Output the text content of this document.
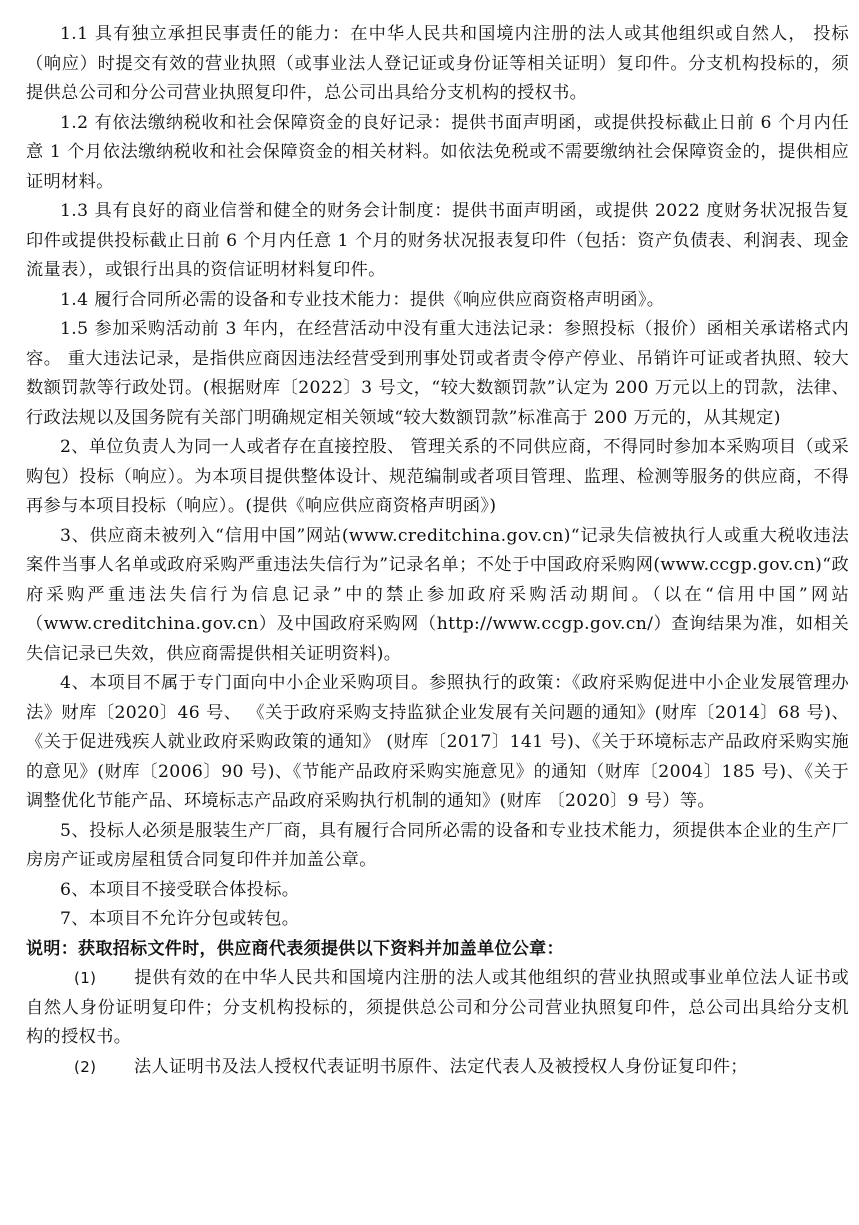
1.1 具有独立承担民事责任的能力：在中华人民共和国境内注册的法人或其他组织或自然人， 投标（响应）时提交有效的营业执照（或事业法人登记证或身份证等相关证明）复印件。分支机构投标的，须提供总公司和分公司营业执照复印件，总公司出具给分支机构的授权书。

1.2 有依法缴纳税收和社会保障资金的良好记录：提供书面声明函，或提供投标截止日前 6 个月内任意 1 个月依法缴纳税收和社会保障资金的相关材料。如依法免税或不需要缴纳社会保障资金的，提供相应证明材料。

1.3 具有良好的商业信誉和健全的财务会计制度：提供书面声明函，或提供 2022 度财务状况报告复印件或提供投标截止日前 6 个月内任意 1 个月的财务状况报表复印件（包括：资产负债表、利润表、现金流量表），或银行出具的资信证明材料复印件。

1.4 履行合同所必需的设备和专业技术能力：提供《响应供应商资格声明函》。

1.5 参加采购活动前 3 年内，在经营活动中没有重大违法记录：参照投标（报价）函相关承诺格式内容。 重大违法记录，是指供应商因违法经营受到刑事处罚或者责令停产停业、吊销许可证或者执照、较大数额罚款等行政处罚。(根据财库〔2022〕3 号文，“较大数额罚款”认定为 200 万元以上的罚款，法律、行政法规以及国务院有关部门明确规定相关领域“较大数额罚款”标准高于 200 万元的，从其规定)

2、单位负责人为同一人或者存在直接控股、 管理关系的不同供应商，不得同时参加本采购项目（或采购包）投标（响应）。为本项目提供整体设计、规范编制或者项目管理、监理、检测等服务的供应商，不得再参与本项目投标（响应）。(提供《响应供应商资格声明函》)

3、供应商未被列入“信用中国”网站(www.creditchina.gov.cn)“记录失信被执行人或重大税收违法案件当事人名单或政府采购严重违法失信行为”记录名单；不处于中国政府采购网(www.ccgp.gov.cn)“政府采购严重违法失信行为信息记录”中的禁止参加政府采购活动期间。（以在“信用中国”网站（www.creditchina.gov.cn）及中国政府采购网（http://www.ccgp.gov.cn/）查询结果为准，如相关失信记录已失效，供应商需提供相关证明资料)。

4、本项目不属于专门面向中小企业采购项目。参照执行的政策：《政府采购促进中小企业发展管理办法》财库〔2020〕46 号、 《关于政府采购支持监狱企业发展有关问题的通知》(财库〔2014〕68 号)、《关于促进残疾人就业政府采购政策的通知》 (财库〔2017〕141 号)、《关于环境标志产品政府采购实施的意见》(财库〔2006〕90 号)、《节能产品政府采购实施意见》的通知（财库〔2004〕185 号)、《关于调整优化节能产品、环境标志产品政府采购执行机制的通知》(财库 〔2020〕9 号）等。

5、投标人必须是服装生产厂商，具有履行合同所必需的设备和专业技术能力，须提供本企业的生产厂房房产证或房屋租赁合同复印件并加盖公章。

6、本项目不接受联合体投标。

7、本项目不允许分包或转包。

说明：获取招标文件时，供应商代表须提供以下资料并加盖单位公章：

(1) 提供有效的在中华人民共和国境内注册的法人或其他组织的营业执照或事业单位法人证书或自然人身份证明复印件；分支机构投标的，须提供总公司和分公司营业执照复印件，总公司出具给分支机构的授权书。

(2) 法人证明书及法人授权代表证明书原件、法定代表人及被授权人身份证复印件；
